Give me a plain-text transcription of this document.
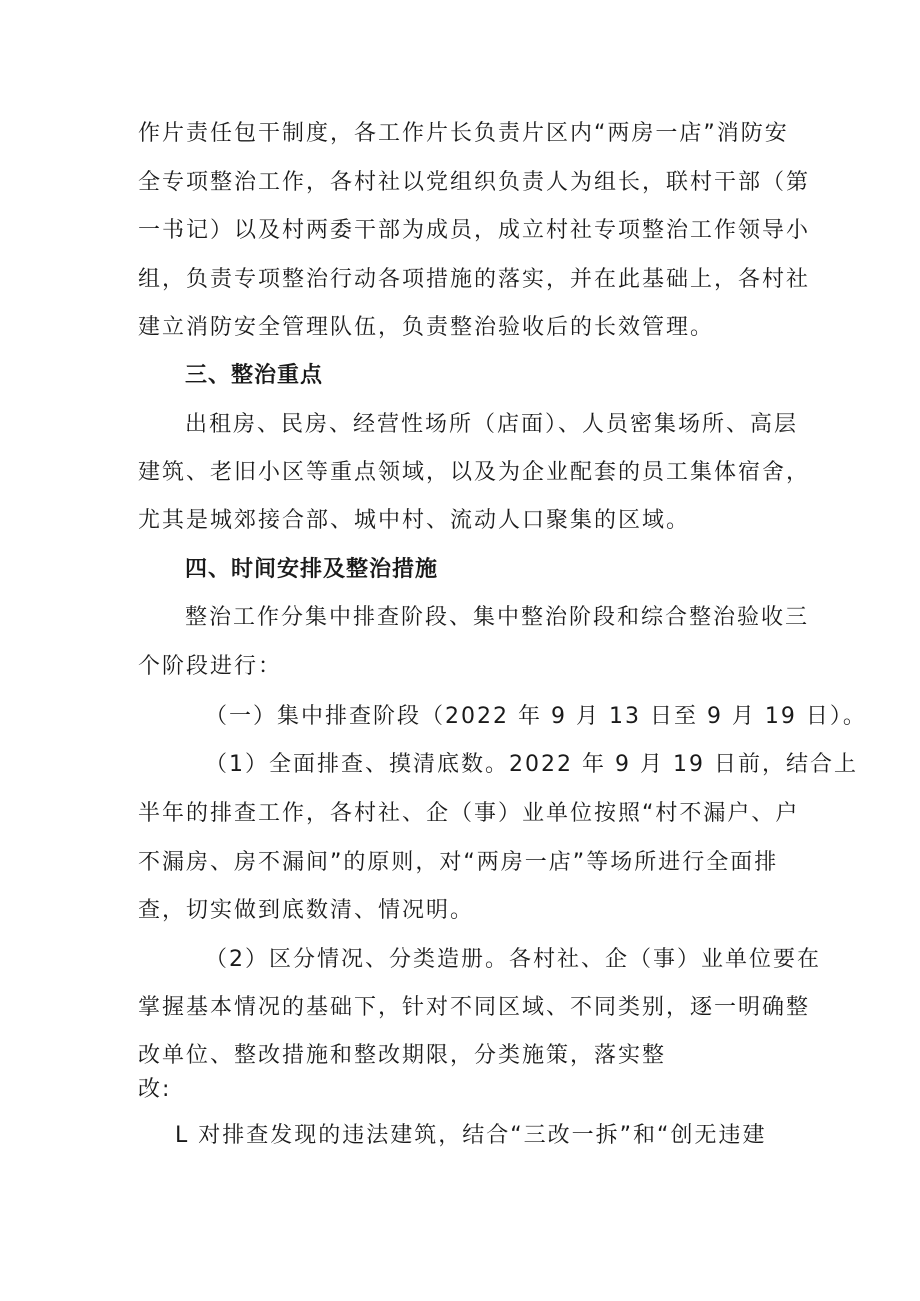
作片责任包干制度，各工作片长负责片区内“两房一店”消防安
全专项整治工作，各村社以党组织负责人为组长，联村干部（第
一书记）以及村两委干部为成员，成立村社专项整治工作领导小
组，负责专项整治行动各项措施的落实，并在此基础上，各村社
建立消防安全管理队伍，负责整治验收后的长效管理。
三、整治重点
出租房、民房、经营性场所（店面）、人员密集场所、高层
建筑、老旧小区等重点领域，以及为企业配套的员工集体宿舍，
尤其是城郊接合部、城中村、流动人口聚集的区域。
四、时间安排及整治措施
整治工作分集中排查阶段、集中整治阶段和综合整治验收三
个阶段进行：
（一）集中排查阶段（2022 年 9 月 13 日至 9 月 19 日）。
（1）全面排查、摸清底数。2022 年 9 月 19 日前，结合上
半年的排查工作，各村社、企（事）业单位按照“村不漏户、户
不漏房、房不漏间”的原则，对“两房一店”等场所进行全面排
查，切实做到底数清、情况明。
（2）区分情况、分类造册。各村社、企（事）业单位要在
掌握基本情况的基础下，针对不同区域、不同类别，逐一明确整
改单位、整改措施和整改期限，分类施策，落实整
改:
L 对排查发现的违法建筑，结合“三改一拆”和“创无违建
